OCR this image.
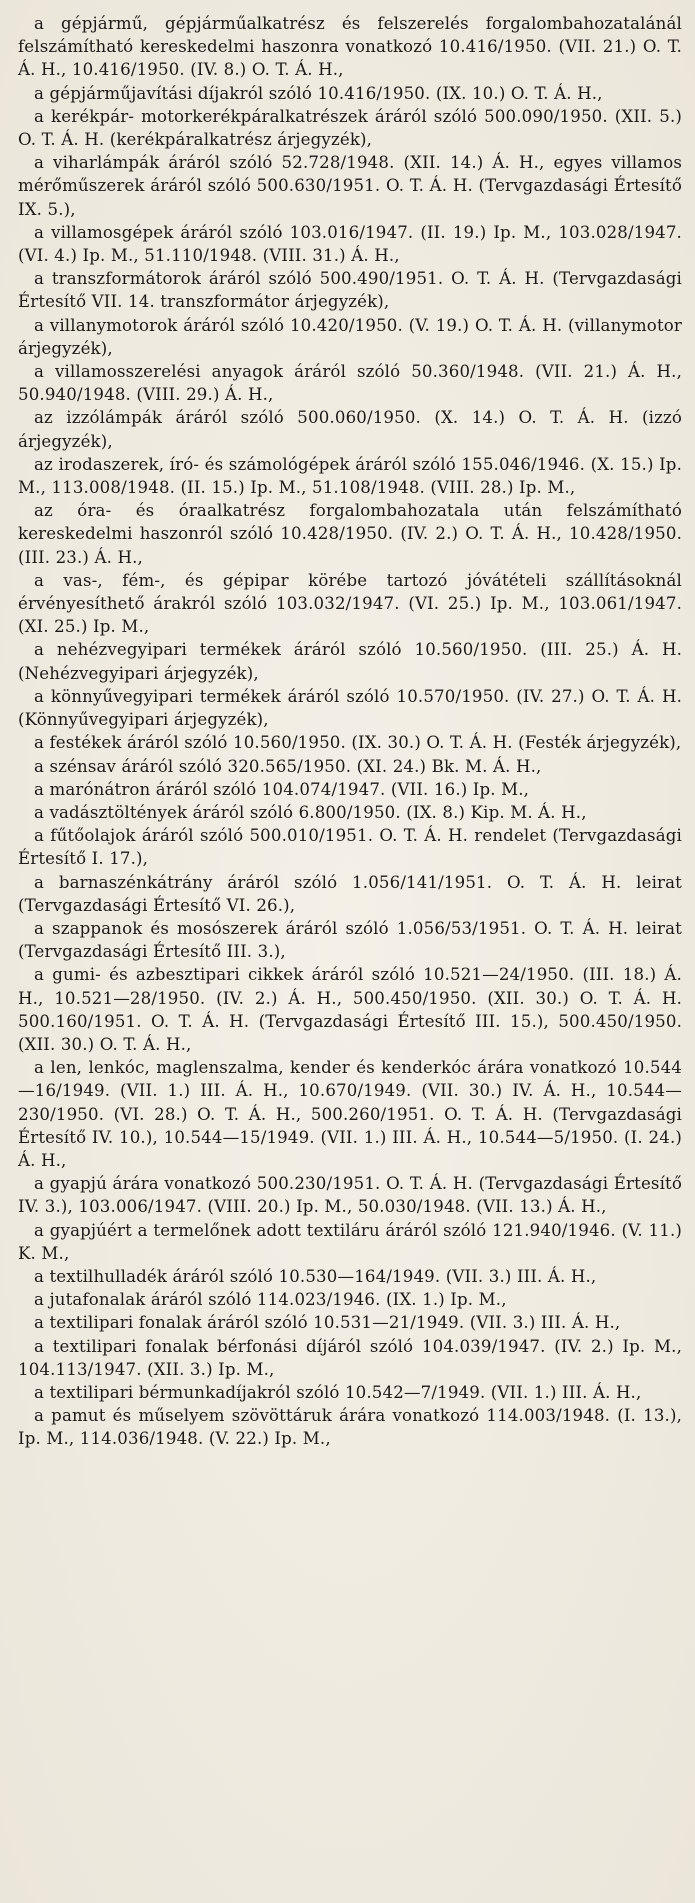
a gépjármű, gépjárműalkatrész és felszerelés forgalombahozatalánál felszámítható kereskedelmi haszonra vonatkozó 10.416/1950. (VII. 21.) O. T. Á. H., 10.416/1950. (IV. 8.) O. T. Á. H.,

a gépjárműjavítási díjakról szóló 10.416/1950. (IX. 10.) O. T. Á. H.,

a kerékpár- motorkerékpáralkatrészek áráról szóló 500.090/1950. (XII. 5.) O. T. Á. H. (kerékpáralkatrész árjegyzék),

a viharlámpák áráról szóló 52.728/1948. (XII. 14.) Á. H., egyes villamos mérőműszerek áráról szóló 500.630/1951. O. T. Á. H. (Tervgazdasági Értesítő IX. 5.),

a villamosgépek áráról szóló 103.016/1947. (II. 19.) Ip. M., 103.028/1947. (VI. 4.) Ip. M., 51.110/1948. (VIII. 31.) Á. H.,

a transzformátorok áráról szóló 500.490/1951. O. T. Á. H. (Tervgazdasági Értesítő VII. 14. transzformátor árjegyzék),

a villanymotorok áráról szóló 10.420/1950. (V. 19.) O. T. Á. H. (villanymotor árjegyzék),

a villamosszerelési anyagok áráról szóló 50.360/1948. (VII. 21.) Á. H., 50.940/1948. (VIII. 29.) Á. H.,

az izzólámpák áráról szóló 500.060/1950. (X. 14.) O. T. Á. H. (izzó árjegyzék),

az irodaszerek, író- és számológépek áráról szóló 155.046/1946. (X. 15.) Ip. M., 113.008/1948. (II. 15.) Ip. M., 51.108/1948. (VIII. 28.) Ip. M.,

az óra- és óraalkatrész forgalombahozatala után felszámítható kereskedelmi haszonról szóló 10.428/1950. (IV. 2.) O. T. Á. H., 10.428/1950. (III. 23.) Á. H.,

a vas-, fém-, és gépipar körébe tartozó jóvátételi szállításoknál érvényesíthető árakról szóló 103.032/1947. (VI. 25.) Ip. M., 103.061/1947. (XI. 25.) Ip. M.,

a nehézvegyipari termékek áráról szóló 10.560/1950. (III. 25.) Á. H. (Nehézvegyipari árjegyzék),

a könnyűvegyipari termékek áráról szóló 10.570/1950. (IV. 27.) O. T. Á. H. (Könnyűvegyipari árjegyzék),

a festékek áráról szóló 10.560/1950. (IX. 30.) O. T. Á. H. (Festék árjegyzék),

a szénsav áráról szóló 320.565/1950. (XI. 24.) Bk. M. Á. H.,

a marónátron áráról szóló 104.074/1947. (VII. 16.) Ip. M.,

a vadásztöltények áráról szóló 6.800/1950. (IX. 8.) Kip. M. Á. H.,

a fűtőolajok áráról szóló 500.010/1951. O. T. Á. H. rendelet (Tervgazdasági Értesítő I. 17.),

a barnaszénkátrány áráról szóló 1.056/141/1951. O. T. Á. H. leirat (Tervgazdasági Értesítő VI. 26.),

a szappanok és mosószerek áráról szóló 1.056/53/1951. O. T. Á. H. leirat (Tervgazdasági Értesítő III. 3.),

a gumi- és azbesztipari cikkek áráról szóló 10.521—24/1950. (III. 18.) Á. H., 10.521—28/1950. (IV. 2.) Á. H., 500.450/1950. (XII. 30.) O. T. Á. H. 500.160/1951. O. T. Á. H. (Tervgazdasági Értesítő III. 15.), 500.450/1950. (XII. 30.) O. T. Á. H.,

a len, lenkóc, maglenszalma, kender és kenderkóc árára vonatkozó 10.544—16/1949. (VII. 1.) III. Á. H., 10.670/1949. (VII. 30.) IV. Á. H., 10.544—230/1950. (VI. 28.) O. T. Á. H., 500.260/1951. O. T. Á. H. (Tervgazdasági Értesítő IV. 10.), 10.544—15/1949. (VII. 1.) III. Á. H., 10.544—5/1950. (I. 24.) Á. H.,

a gyapjú árára vonatkozó 500.230/1951. O. T. Á. H. (Tervgazdasági Értesítő IV. 3.), 103.006/1947. (VIII. 20.) Ip. M., 50.030/1948. (VII. 13.) Á. H.,

a gyapjúért a termelőnek adott textiláru áráról szóló 121.940/1946. (V. 11.) K. M.,

a textilhulladék áráról szóló 10.530—164/1949. (VII. 3.) III. Á. H.,

a jutafonalak áráról szóló 114.023/1946. (IX. 1.) Ip. M.,

a textilipari fonalak áráról szóló 10.531—21/1949. (VII. 3.) III. Á. H.,

a textilipari fonalak bérfonási díjáról szóló 104.039/1947. (IV. 2.) Ip. M., 104.113/1947. (XII. 3.) Ip. M.,

a textilipari bérmunkadíjakról szóló 10.542—7/1949. (VII. 1.) III. Á. H.,

a pamut és műselyem szövöttáruk árára vonatkozó 114.003/1948. (I. 13.), Ip. M., 114.036/1948. (V. 22.) Ip. M.,
